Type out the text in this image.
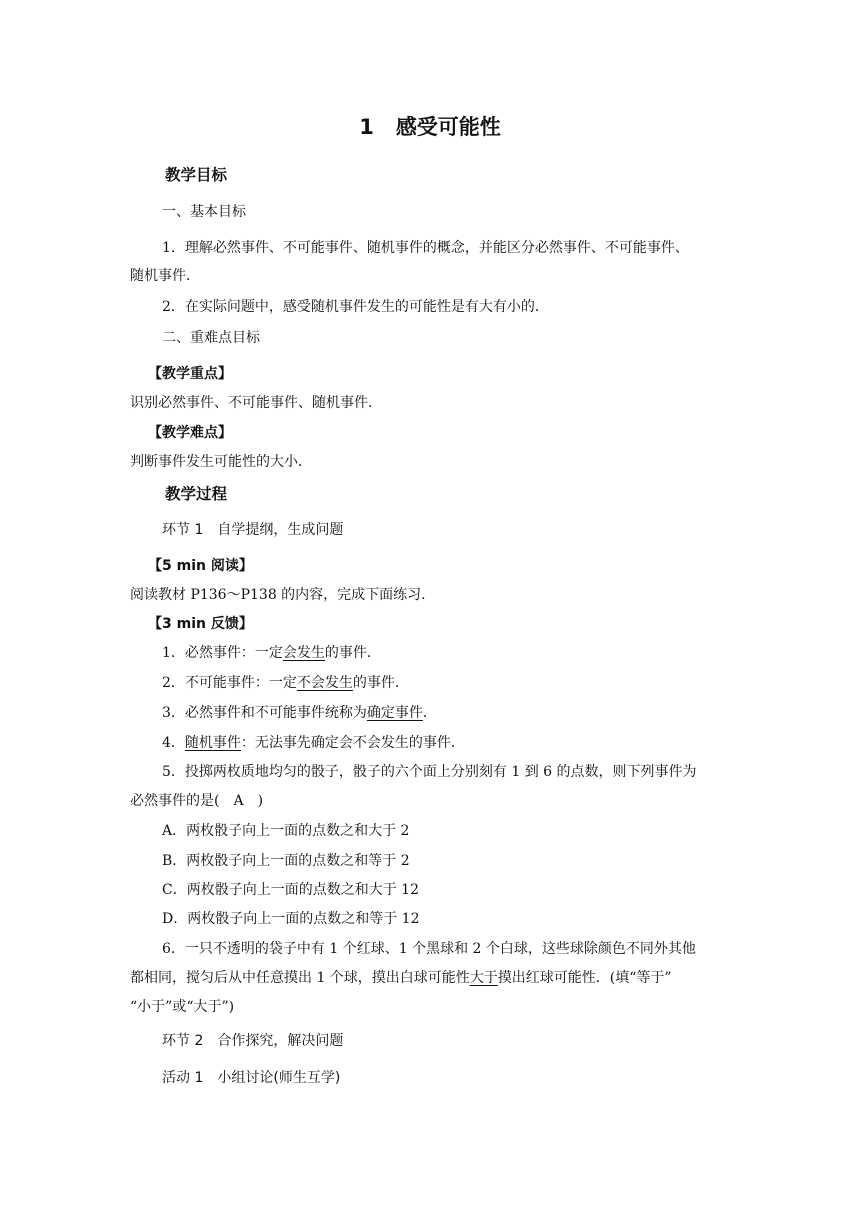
1 感受可能性
教学目标
一、基本目标
1．理解必然事件、不可能事件、随机事件的概念，并能区分必然事件、不可能事件、
随机事件．
2．在实际问题中，感受随机事件发生的可能性是有大有小的．
二、重难点目标
【教学重点】
识别必然事件、不可能事件、随机事件．
【教学难点】
判断事件发生可能性的大小．
教学过程
环节 1　自学提纲，生成问题
【5 min 阅读】
阅读教材 P136～P138 的内容，完成下面练习．
【3 min 反馈】
1．必然事件：一定会发生的事件．
2．不可能事件：一定不会发生的事件．
3．必然事件和不可能事件统称为确定事件．
4．随机事件：无法事先确定会不会发生的事件．
5．投掷两枚质地均匀的骰子，骰子的六个面上分别刻有 1 到 6 的点数，则下列事件为
必然事件的是(　A　)
A．两枚骰子向上一面的点数之和大于 2
B．两枚骰子向上一面的点数之和等于 2
C．两枚骰子向上一面的点数之和大于 12
D．两枚骰子向上一面的点数之和等于 12
6．一只不透明的袋子中有 1 个红球、1 个黑球和 2 个白球，这些球除颜色不同外其他
都相同，搅匀后从中任意摸出 1 个球，摸出白球可能性大于摸出红球可能性．(填“等于”
“小于”或“大于”)
环节 2　合作探究，解决问题
活动 1　小组讨论(师生互学)
